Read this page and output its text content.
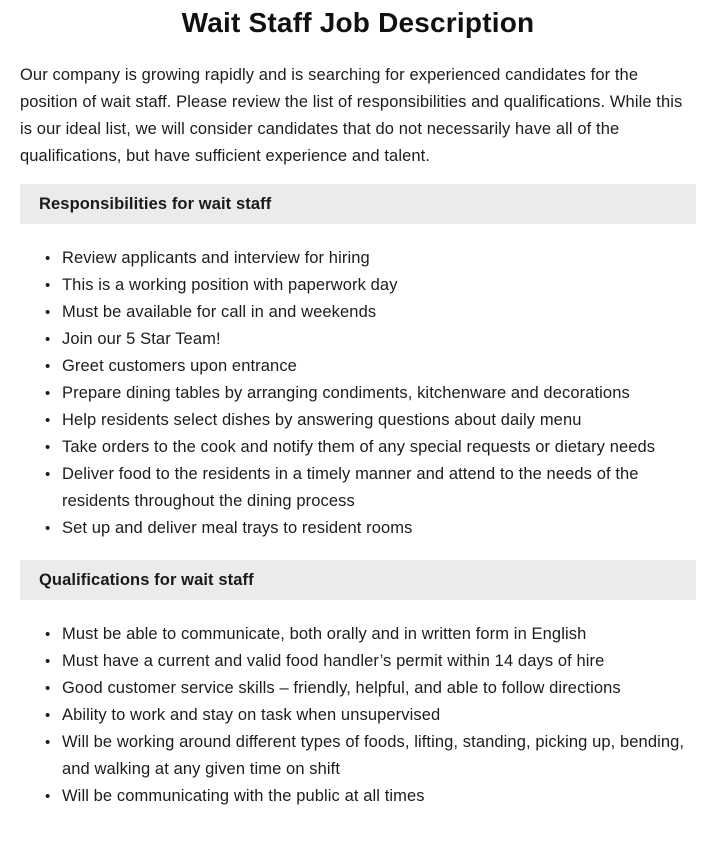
Wait Staff Job Description

Our company is growing rapidly and is searching for experienced candidates for the position of wait staff. Please review the list of responsibilities and qualifications. While this is our ideal list, we will consider candidates that do not necessarily have all of the qualifications, but have sufficient experience and talent.

Responsibilities for wait staff
• Review applicants and interview for hiring
• This is a working position with paperwork day
• Must be available for call in and weekends
• Join our 5 Star Team!
• Greet customers upon entrance
• Prepare dining tables by arranging condiments, kitchenware and decorations
• Help residents select dishes by answering questions about daily menu
• Take orders to the cook and notify them of any special requests or dietary needs
• Deliver food to the residents in a timely manner and attend to the needs of the residents throughout the dining process
• Set up and deliver meal trays to resident rooms
Qualifications for wait staff
• Must be able to communicate, both orally and in written form in English
• Must have a current and valid food handler’s permit within 14 days of hire
• Good customer service skills – friendly, helpful, and able to follow directions
• Ability to work and stay on task when unsupervised
• Will be working around different types of foods, lifting, standing, picking up, bending, and walking at any given time on shift
• Will be communicating with the public at all times
